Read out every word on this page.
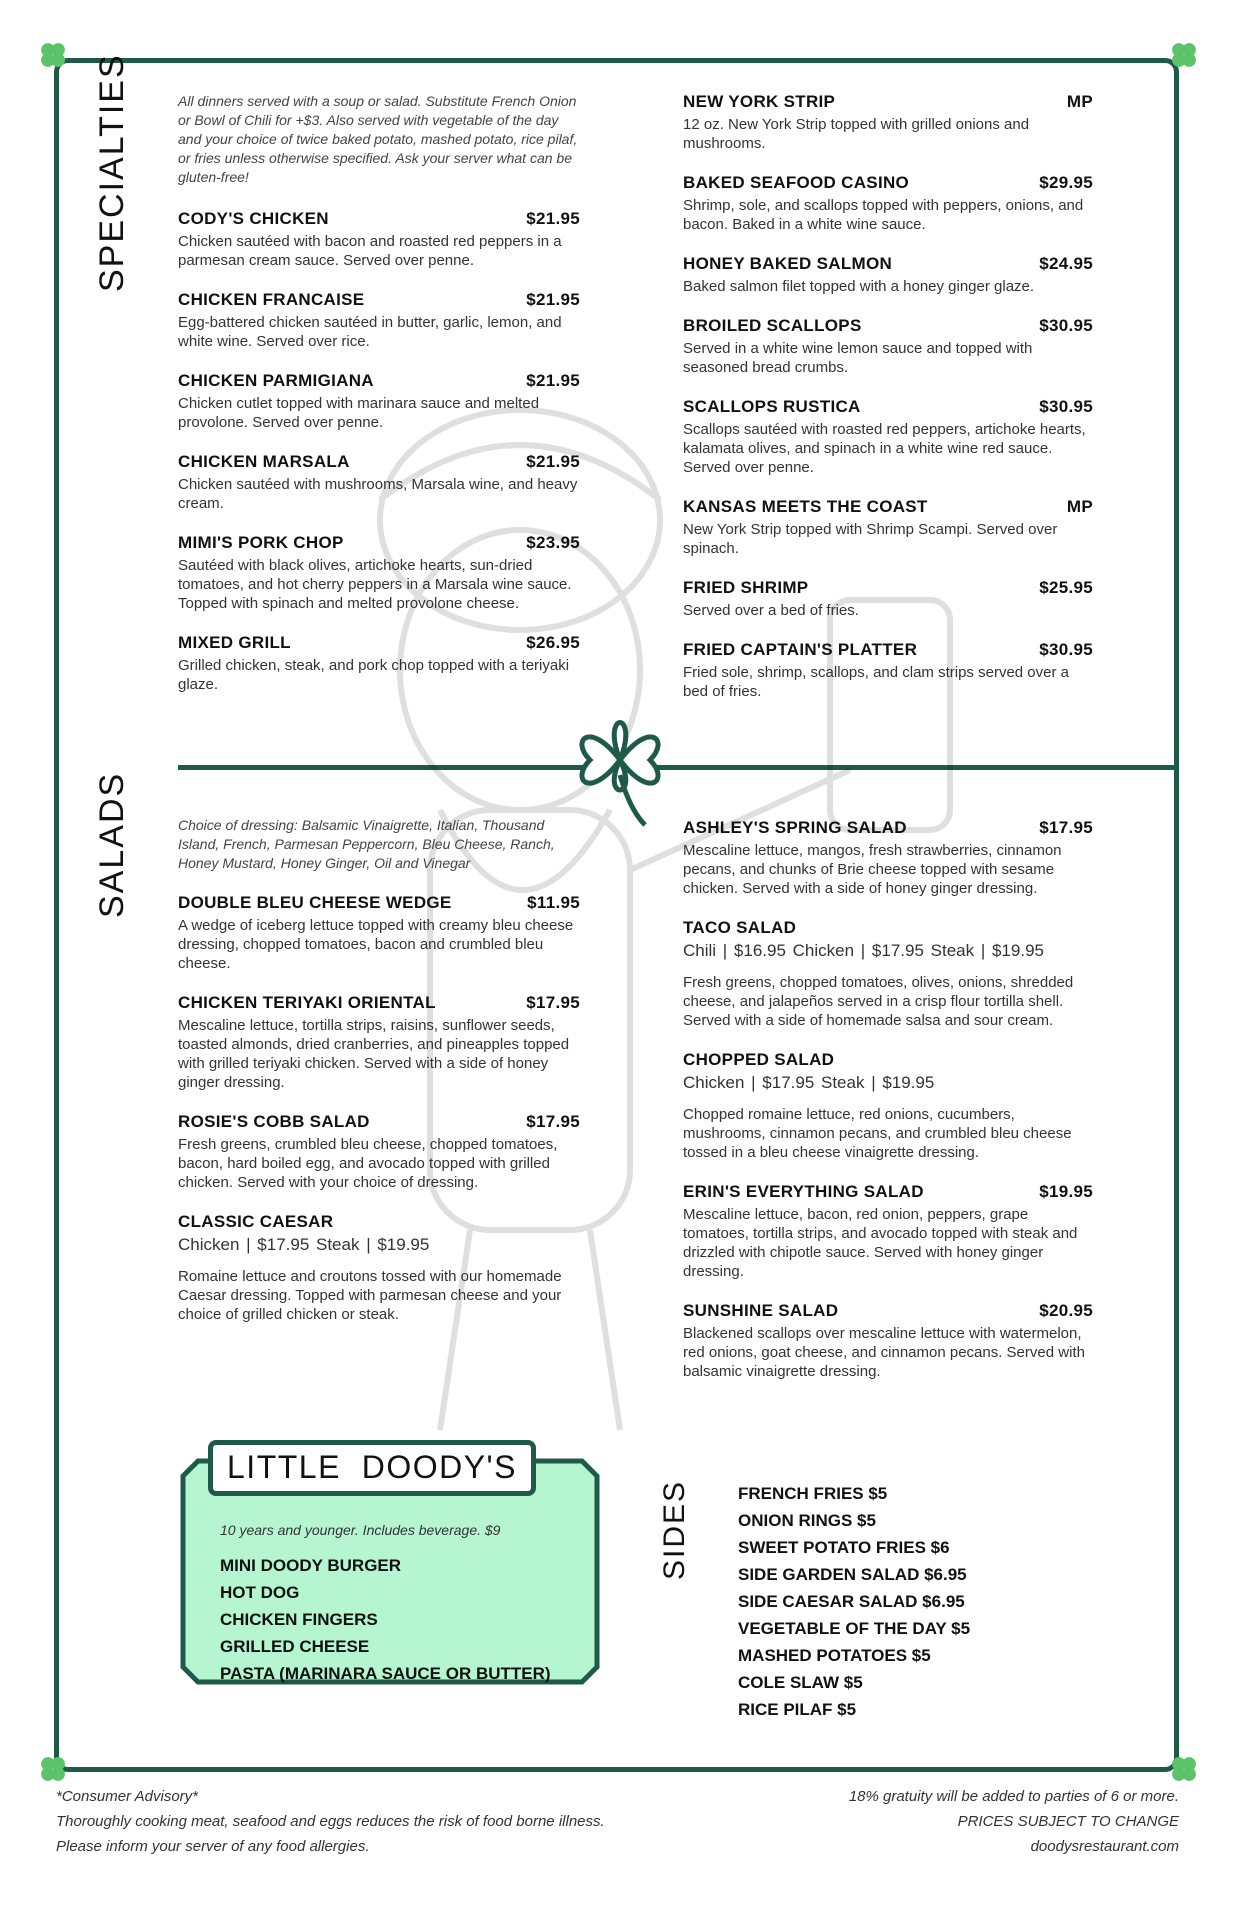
SPECIALTIES	All dinners served with a soup or salad. Substitute French Onion or Bowl of Chili for +$3. Also served with vegetable of the day and your choice of twice baked potato, mashed potato, rice pilaf, or fries unless otherwise specified. Ask your server what can be gluten-free!
CODY'S CHICKEN	$21.95
Chicken sautéed with bacon and roasted red peppers in a parmesan cream sauce. Served over penne.
CHICKEN FRANCAISE	$21.95
Egg-battered chicken sautéed in butter, garlic, lemon, and white wine. Served over rice.
CHICKEN PARMIGIANA	$21.95
Chicken cutlet topped with marinara sauce and melted provolone. Served over penne.
CHICKEN MARSALA	$21.95
Chicken sautéed with mushrooms, Marsala wine, and heavy cream.
MIMI'S PORK CHOP	$23.95
Sautéed with black olives, artichoke hearts, sun-dried tomatoes, and hot cherry peppers in a Marsala wine sauce. Topped with spinach and melted provolone cheese.
MIXED GRILL	$26.95
Grilled chicken, steak, and pork chop topped with a teriyaki glaze.
NEW YORK STRIP	MP
12 oz. New York Strip topped with grilled onions and mushrooms.
BAKED SEAFOOD CASINO	$29.95
Shrimp, sole, and scallops topped with peppers, onions, and bacon. Baked in a white wine sauce.
HONEY BAKED SALMON	$24.95
Baked salmon filet topped with a honey ginger glaze.
BROILED SCALLOPS	$30.95
Served in a white wine lemon sauce and topped with seasoned bread crumbs.
SCALLOPS RUSTICA	$30.95
Scallops sautéed with roasted red peppers, artichoke hearts, kalamata olives, and spinach in a white wine red sauce. Served over penne.
KANSAS MEETS THE COAST	MP
New York Strip topped with Shrimp Scampi. Served over spinach.
FRIED SHRIMP	$25.95
Served over a bed of fries.
FRIED CAPTAIN'S PLATTER	$30.95
Fried sole, shrimp, scallops, and clam strips served over a bed of fries.
SALADS	Choice of dressing: Balsamic Vinaigrette, Italian, Thousand Island, French, Parmesan Peppercorn, Bleu Cheese, Ranch, Honey Mustard, Honey Ginger, Oil and Vinegar
DOUBLE BLEU CHEESE WEDGE	$11.95
A wedge of iceberg lettuce topped with creamy bleu cheese dressing, chopped tomatoes, bacon and crumbled bleu cheese.
CHICKEN TERIYAKI ORIENTAL	$17.95
Mescaline lettuce, tortilla strips, raisins, sunflower seeds, toasted almonds, dried cranberries, and pineapples topped with grilled teriyaki chicken. Served with a side of honey ginger dressing.
ROSIE'S COBB SALAD	$17.95
Fresh greens, crumbled bleu cheese, chopped tomatoes, bacon, hard boiled egg, and avocado topped with grilled chicken. Served with your choice of dressing.
CLASSIC CAESAR
Chicken | $17.95 Steak | $19.95
Romaine lettuce and croutons tossed with our homemade Caesar dressing. Topped with parmesan cheese and your choice of grilled chicken or steak.
ASHLEY'S SPRING SALAD	$17.95
Mescaline lettuce, mangos, fresh strawberries, cinnamon pecans, and chunks of Brie cheese topped with sesame chicken. Served with a side of honey ginger dressing.
TACO SALAD
Chili | $16.95 Chicken | $17.95 Steak | $19.95
Fresh greens, chopped tomatoes, olives, onions, shredded cheese, and jalapeños served in a crisp flour tortilla shell. Served with a side of homemade salsa and sour cream.
CHOPPED SALAD
Chicken | $17.95 Steak | $19.95
Chopped romaine lettuce, red onions, cucumbers, mushrooms, cinnamon pecans, and crumbled bleu cheese tossed in a bleu cheese vinaigrette dressing.
ERIN'S EVERYTHING SALAD	$19.95
Mescaline lettuce, bacon, red onion, peppers, grape tomatoes, tortilla strips, and avocado topped with steak and drizzled with chipotle sauce. Served with honey ginger dressing.
SUNSHINE SALAD	$20.95
Blackened scallops over mescaline lettuce with watermelon, red onions, goat cheese, and cinnamon pecans. Served with balsamic vinaigrette dressing.
LITTLE  DOODY'S
10 years and younger. Includes beverage. $9
MINI DOODY BURGER
HOT DOG
CHICKEN FINGERS
GRILLED CHEESE
PASTA (MARINARA SAUCE OR BUTTER)
SIDES	FRENCH FRIES $5
ONION RINGS $5
SWEET POTATO FRIES $6
SIDE GARDEN SALAD $6.95
SIDE CAESAR SALAD $6.95
VEGETABLE OF THE DAY $5
MASHED POTATOES $5
COLE SLAW $5
RICE PILAF $5
*Consumer Advisory*
Thoroughly cooking meat, seafood and eggs reduces the risk of food borne illness.
Please inform your server of any food allergies.
18% gratuity will be added to parties of 6 or more.
PRICES SUBJECT TO CHANGE
doodysrestaurant.com
